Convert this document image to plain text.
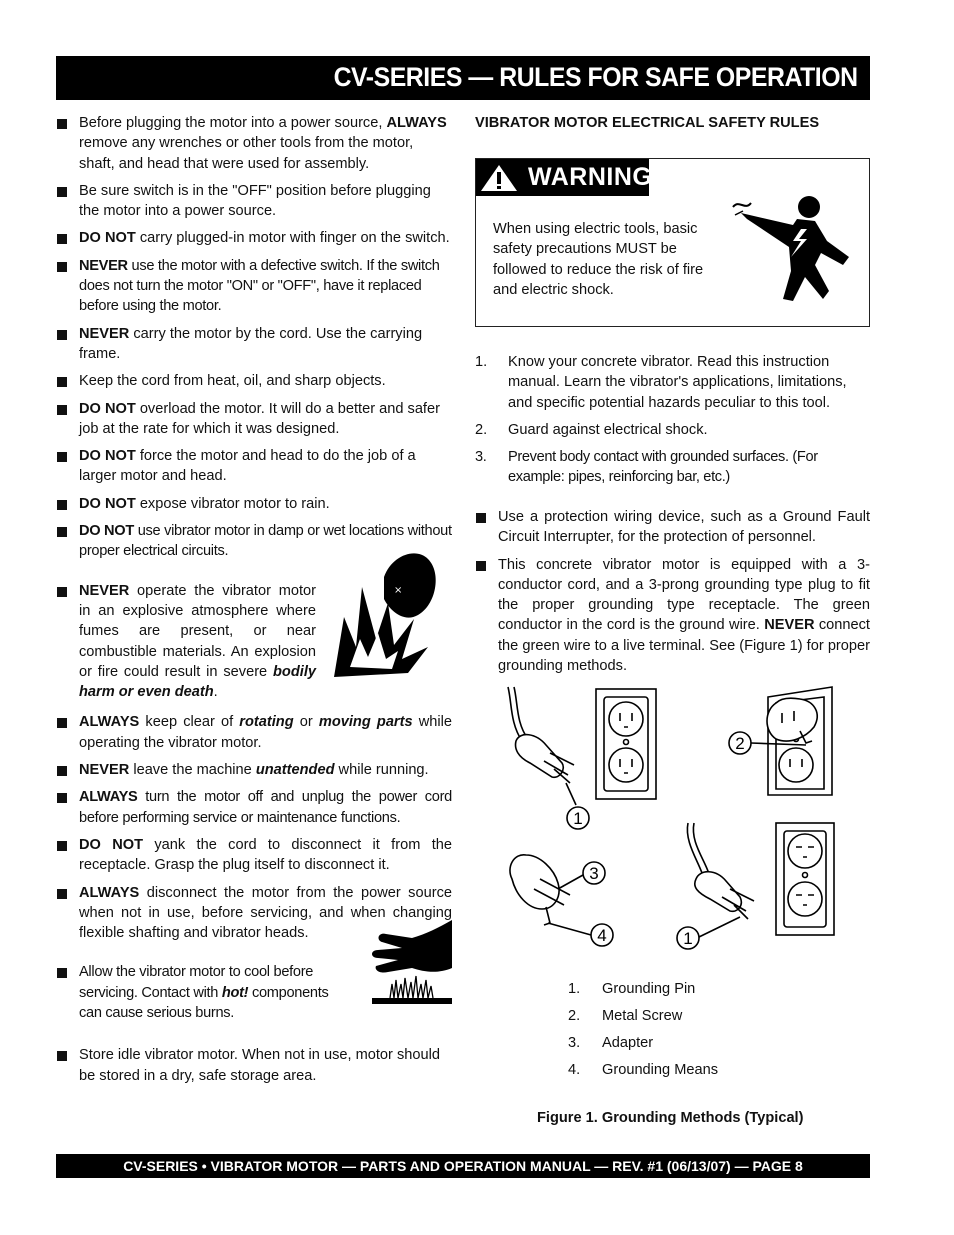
CV-SERIES — RULES FOR SAFE OPERATION
Before plugging the motor into a power source, ALWAYS remove any wrenches or other tools from the motor, shaft, and head that were used for assembly.
Be sure switch is in the "OFF" position before plugging the motor into a power source.
DO NOT carry plugged-in motor with finger on the switch.
NEVER use the motor with a defective switch. If the switch does not turn the motor "ON" or "OFF", have it replaced before using the motor.
NEVER carry the motor by the cord. Use the carrying frame.
Keep the cord from heat, oil, and sharp objects.
DO NOT overload the motor. It will do a better and safer job at the rate for which it was designed.
DO NOT force the motor and head to do the job of a larger motor and head.
DO NOT expose vibrator motor to rain.
DO NOT use vibrator motor in damp or wet locations without proper electrical circuits.
NEVER operate the vibrator motor in an explosive atmosphere where fumes are present, or near combustible materials. An explosion or fire could result in severe bodily harm or even death.
ALWAYS keep clear of rotating or moving parts while operating the vibrator motor.
NEVER leave the machine unattended while running.
ALWAYS turn the motor off and unplug the power cord before performing service or maintenance functions.
DO NOT yank the cord to disconnect it from the receptacle. Grasp the plug itself to disconnect it.
ALWAYS disconnect the motor from the power source when not in use, before servicing, and when changing flexible shafting and vibrator heads.
Allow the vibrator motor to cool before servicing. Contact with hot! components can cause serious burns.
Store idle vibrator motor. When not in use, motor should be stored in a dry, safe storage area.
×
VIBRATOR MOTOR ELECTRICAL SAFETY RULES
WARNING
When using electric tools, basic safety precautions MUST be followed to reduce the risk of fire and electric shock.
1. Know your concrete vibrator. Read this instruction manual. Learn the vibrator's applications, limitations, and specific potential hazards peculiar to this tool.
2. Guard against electrical shock.
3. Prevent body contact with grounded surfaces. (For example: pipes, reinforcing bar, etc.)
Use a protection wiring device, such as a Ground Fault Circuit Interrupter, for the protection of personnel.
This concrete vibrator motor is equipped with a 3-conductor cord, and a 3-prong grounding type plug to fit the proper grounding type receptacle. The green conductor in the cord is the ground wire. NEVER connect the green wire to a live terminal. See (Figure 1) for proper grounding methods.
1
2
3
4	1
1. Grounding Pin
2. Metal Screw
3. Adapter
4. Grounding Means
Figure 1. Grounding Methods (Typical)
CV-SERIES • VIBRATOR MOTOR — PARTS AND OPERATION MANUAL — REV. #1 (06/13/07) — PAGE 8
